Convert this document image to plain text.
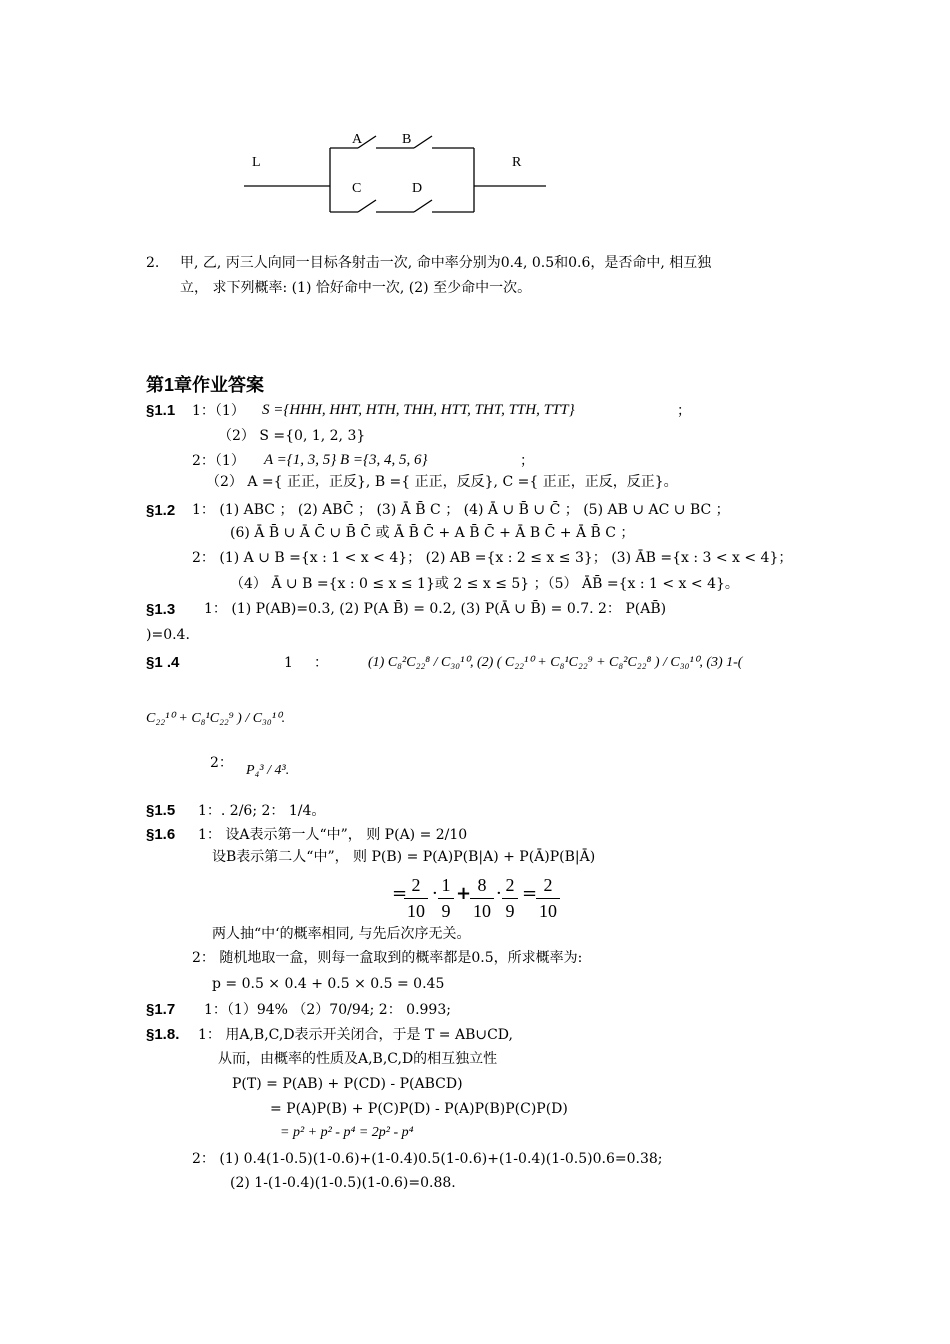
A	B
C	D
L	R
2. 甲, 乙, 丙三人向同一目标各射击一次, 命中率分别为0.4, 0.5和0.6，是否命中, 相互独
立， 求下列概率: (1) 恰好命中一次, (2) 至少命中一次。
第1章作业答案
§1.1 1：（1） S ={HHH, HHT, HTH, THH, HTT, THT, TTH, TTT}	；
（2） S ={0, 1, 2, 3}
2：（1） A ={1, 3, 5} B ={3, 4, 5, 6}	；
（2） A ={ 正正，正反}, B ={ 正正，反反}, C ={ 正正，正反，反正}。
§1.2 1： (1) ABC ； (2) ABC̄ ； (3) Ā B̄ C ； (4) Ā ∪ B̄ ∪ C̄ ； (5) AB ∪ AC ∪ BC ；
(6) Ā B̄ ∪ Ā C̄ ∪ B̄ C̄ 或 Ā B̄ C̄ + A B̄ C̄ + Ā B C̄ + Ā B̄ C ；
2： (1) A ∪ B ={x : 1 < x < 4}； (2) AB ={x : 2 ≤ x ≤ 3}； (3) ĀB ={x : 3 < x < 4}；
（4） Ā ∪ B ={x : 0 ≤ x ≤ 1}或 2 ≤ x ≤ 5} ；（5） ĀB̄ ={x : 1 < x < 4}。
§1.3 1： (1) P(AB)=0.3, (2) P(A B̄) = 0.2, (3) P(Ā ∪ B̄) = 0.7. 2： P(AB̄)
)=0.4.
§1 .4	1 ：	(1) C₈²C₂₂⁸ / C₃₀¹⁰, (2) ( C₂₂¹⁰ + C₈¹C₂₂⁹ + C₈²C₂₂⁸ ) / C₃₀¹⁰, (3) 1-(
C₂₂¹⁰ + C₈¹C₂₂⁹ ) / C₃₀¹⁰.
2： P₄³ / 4³.
§1.5 1：. 2/6; 2： 1/4。
§1.6 1： 设A表示第一人“中”， 则 P(A) = 2/10
设B表示第二人“中”， 则 P(B) = P(A)P(B|A) + P(Ā)P(B|Ā)
=
$\frac{2}{10} \cdot \frac{1}{9}$ +
$\frac{8}{10} \cdot \frac{2}{9}$ =
$\frac{2}{10}$
两人抽“中‘的概率相同, 与先后次序无关。
2： 随机地取一盒，则每一盒取到的概率都是0.5，所求概率为:
p = 0.5 × 0.4 + 0.5 × 0.5 = 0.45
§1.7 1：（1）94% （2）70/94; 2： 0.993;
§1.8. 1： 用A,B,C,D表示开关闭合，于是 T = AB∪CD,
从而，由概率的性质及A,B,C,D的相互独立性
P(T) = P(AB) + P(CD) - P(ABCD)
= P(A)P(B) + P(C)P(D) - P(A)P(B)P(C)P(D)
= p² + p² - p⁴ = 2p² - p⁴
2： (1) 0.4(1-0.5)(1-0.6)+(1-0.4)0.5(1-0.6)+(1-0.4)(1-0.5)0.6=0.38;
(2) 1-(1-0.4)(1-0.5)(1-0.6)=0.88.
